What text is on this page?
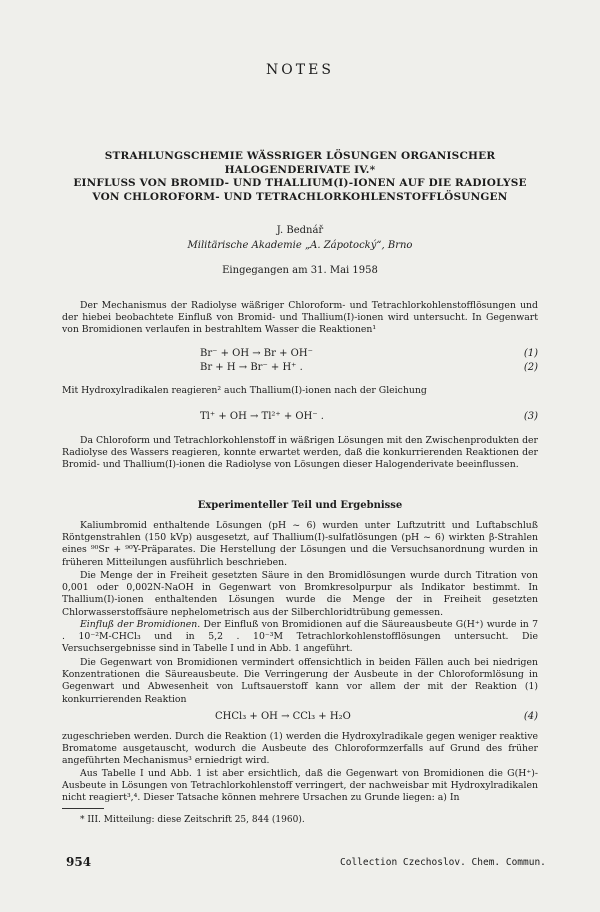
NOTES
STRAHLUNGSCHEMIE WÄSSRIGER LÖSUNGEN ORGANISCHER
HALOGENDERIVATE IV.*
EINFLUSS VON BROMID- UND THALLIUM(I)-IONEN AUF DIE RADIOLYSE
VON CHLOROFORM- UND TETRACHLORKOHLENSTOFFLÖSUNGEN
J. Bednář
Militärische Akademie „A. Zápotocký“, Brno
Eingegangen am 31. Mai 1958
Der Mechanismus der Radiolyse wäßriger Chloroform- und Tetrachlorkohlenstofflösungen und der hiebei beobachtete Einfluß von Bromid- und Thallium(I)-ionen wird untersucht. In Gegenwart von Bromidionen verlaufen in bestrahltem Wasser die Reaktionen¹
Br⁻ + OH → Br + OH⁻	(1)
Br + H → Br⁻ + H⁺ .	(2)
Mit Hydroxylradikalen reagieren² auch Thallium(I)-ionen nach der Gleichung
Tl⁺ + OH → Tl²⁺ + OH⁻ .	(3)
Da Chloroform und Tetrachlorkohlenstoff in wäßrigen Lösungen mit den Zwischenprodukten der Radiolyse des Wassers reagieren, konnte erwartet werden, daß die konkurrierenden Reaktionen der Bromid- und Thallium(I)-ionen die Radiolyse von Lösungen dieser Halogenderivate beeinflussen.
Experimenteller Teil und Ergebnisse
Kaliumbromid enthaltende Lösungen (pH ~ 6) wurden unter Luftzutritt und Luftabschluß Röntgenstrahlen (150 kVp) ausgesetzt, auf Thallium(I)-sulfatlösungen (pH ~ 6) wirkten β-Strahlen eines ⁹⁰Sr + ⁹⁰Y-Präparates. Die Herstellung der Lösungen und die Versuchsanordnung wurden in früheren Mitteilungen ausführlich beschrieben.
Die Menge der in Freiheit gesetzten Säure in den Bromidlösungen wurde durch Titration von 0,001 oder 0,002N-NaOH in Gegenwart von Bromkresolpurpur als Indikator bestimmt. In Thallium(I)-ionen enthaltenden Lösungen wurde die Menge der in Freiheit gesetzten Chlorwasserstoffsäure nephelometrisch aus der Silberchloridtrübung gemessen.
Einfluß der Bromidionen. Der Einfluß von Bromidionen auf die Säureausbeute G(H⁺) wurde in 7 . 10⁻²M-CHCl₃ und in 5,2 . 10⁻³M Tetrachlorkohlenstofflösungen untersucht. Die Versuchsergebnisse sind in Tabelle I und in Abb. 1 angeführt.
Die Gegenwart von Bromidionen vermindert offensichtlich in beiden Fällen auch bei niedrigen Konzentrationen die Säureausbeute. Die Verringerung der Ausbeute in der Chloroformlösung in Gegenwart und Abwesenheit von Luftsauerstoff kann vor allem der mit der Reaktion (1) konkurrierenden Reaktion
CHCl₃ + OH → CCl₃ + H₂O	(4)
zugeschrieben werden. Durch die Reaktion (1) werden die Hydroxylradikale gegen weniger reaktive Bromatome ausgetauscht, wodurch die Ausbeute des Chloroformzerfalls auf Grund des früher angeführten Mechanismus³ erniedrigt wird.
Aus Tabelle I und Abb. 1 ist aber ersichtlich, daß die Gegenwart von Bromidionen die G(H⁺)-Ausbeute in Lösungen von Tetrachlorkohlenstoff verringert, der nachweisbar mit Hydroxylradikalen nicht reagiert³,⁴. Dieser Tatsache können mehrere Ursachen zu Grunde liegen: a) In
* III. Mitteilung: diese Zeitschrift 25, 844 (1960).
954	Collection Czechoslov. Chem. Commun.
